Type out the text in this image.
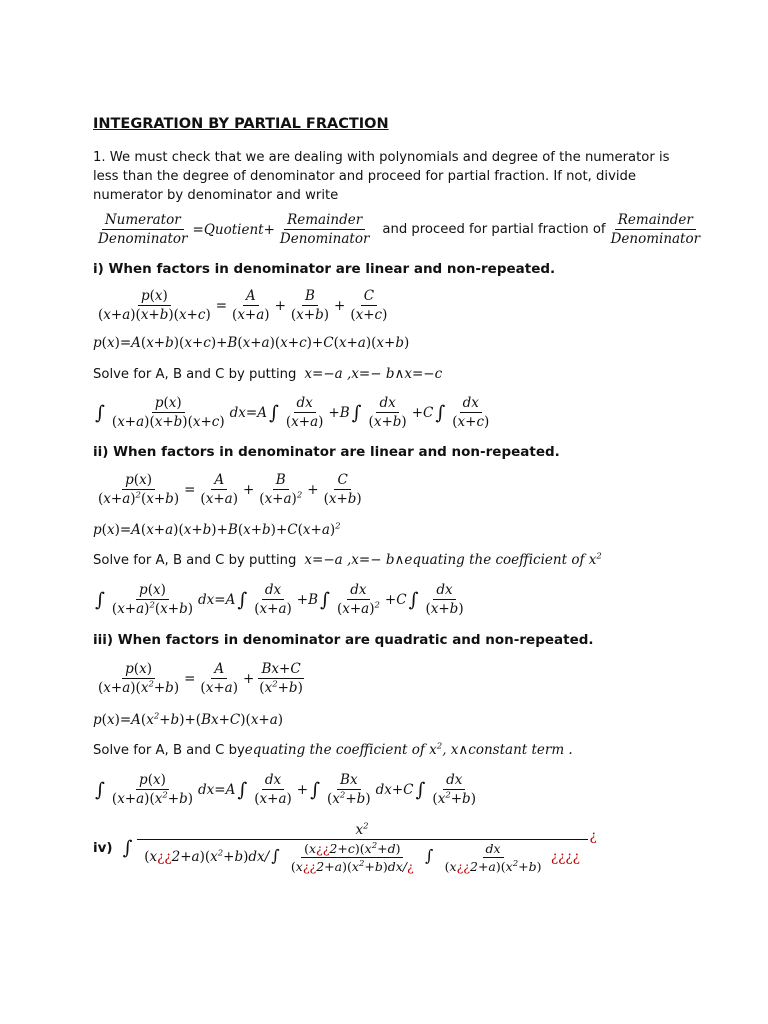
INTEGRATION BY PARTIAL FRACTION
1. We must check that we are dealing with polynomials and degree of the numerator is less than the degree of denominator and proceed for partial fraction. If not, divide numerator by denominator and write
$\frac{\text{Numerator}}{\text{Denominator}}$ =Quotient+ $\frac{\text{Remainder}}{\text{Denominator}}$ and proceed for partial fraction of $\frac{\text{Remainder}}{\text{Denominator}}$
i) When factors in denominator are linear and non-repeated.
$\frac{p(x)}{(x+a)(x+b)(x+c)} = \frac{A}{(x+a)} + \frac{B}{(x+b)} + \frac{C}{(x+c)}$
p(x)=A(x+b)(x+c)+B(x+a)(x+c)+C(x+a)(x+b)
Solve for A, B and C by putting x=−a ,x=− b∧x=−c
∫ $\frac{p(x)}{(x+a)(x+b)(x+c)} dx=A$ ∫ $\frac{dx}{(x+a)} +B$ ∫ $\frac{dx}{(x+b)} +C$ ∫ $\frac{dx}{(x+c)}$
ii) When factors in denominator are linear and non-repeated.
$\frac{p(x)}{(x+a)^2(x+b)} = \frac{A}{(x+a)} + \frac{B}{(x+a)^2} + \frac{C}{(x+b)}$
$p(x)=A(x+a)(x+b)+B(x+b)+C(x+a)^2$
Solve for A, B and C by putting x=−a ,x=− b∧equating the coefficient of $x^2$
∫ $\frac{p(x)}{(x+a)^2(x+b)} dx=A$ ∫ $\frac{dx}{(x+a)} +B$ ∫ $\frac{dx}{(x+a)^2} +C$ ∫ $\frac{dx}{(x+b)}$
iii) When factors in denominator are quadratic and non-repeated.
$\frac{p(x)}{(x+a)(x^2+b)} = \frac{A}{(x+a)} + \frac{Bx+C}{(x^2+b)}$
$p(x)=A(x^2+b)+(Bx+C)(x+a)$
Solve for A, B and C by equating the coefficient of $x^2$, x∧constant term .
∫ $\frac{p(x)}{(x+a)(x^2+b)} dx=A$ ∫ $\frac{dx}{(x+a)}$ + ∫ $\frac{Bx}{(x^2+b)} dx+C$ ∫ $\frac{dx}{(x^2+b)}$
iv) ∫
$x^2$
$(x¿¿2+a)(x^2+b)dx/$ ∫ $\frac{(x¿¿2+c)(x^2+d)}{(x¿¿2+a)(x^2+b)dx/¿}$ ∫ $\frac{dx}{(x¿¿2+a)(x^2+b)}$ ¿¿¿¿
¿
